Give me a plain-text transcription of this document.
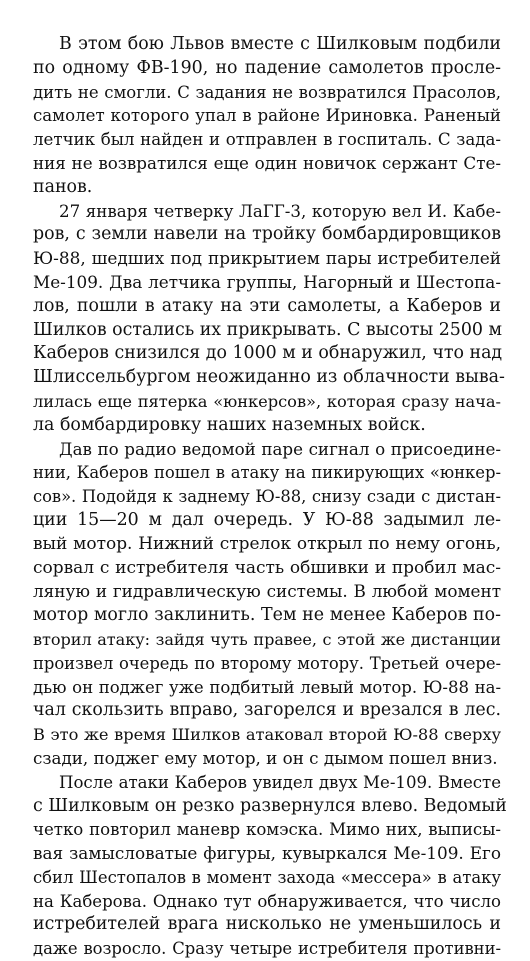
В этом бою Львов вместе с Шилковым подбили
по одному ФВ-190, но падение самолетов просле-
дить не смогли. С задания не возвратился Прасолов,
самолет которого упал в районе Ириновка. Раненый
летчик был найден и отправлен в госпиталь. С зада-
ния не возвратился еще один новичок сержант Сте-
панов.
27 января четверку ЛаГГ-3, которую вел И. Кабе-
ров, с земли навели на тройку бомбардировщиков
Ю-88, шедших под прикрытием пары истребителей
Ме-109. Два летчика группы, Нагорный и Шестопа-
лов, пошли в атаку на эти самолеты, а Каберов и
Шилков остались их прикрывать. С высоты 2500 м
Каберов снизился до 1000 м и обнаружил, что над
Шлиссельбургом неожиданно из облачности выва-
лилась еще пятерка «юнкерсов», которая сразу нача-
ла бомбардировку наших наземных войск.
Дав по радио ведомой паре сигнал о присоедине-
нии, Каберов пошел в атаку на пикирующих «юнкер-
сов». Подойдя к заднему Ю-88, снизу сзади с дистан-
ции 15—20 м дал очередь. У Ю-88 задымил ле-
вый мотор. Нижний стрелок открыл по нему огонь,
сорвал с истребителя часть обшивки и пробил мас-
ляную и гидравлическую системы. В любой момент
мотор могло заклинить. Тем не менее Каберов по-
вторил атаку: зайдя чуть правее, с этой же дистанции
произвел очередь по второму мотору. Третьей очере-
дью он поджег уже подбитый левый мотор. Ю-88 на-
чал скользить вправо, загорелся и врезался в лес.
В это же время Шилков атаковал второй Ю-88 сверху
сзади, поджег ему мотор, и он с дымом пошел вниз.
После атаки Каберов увидел двух Ме-109. Вместе
с Шилковым он резко развернулся влево. Ведомый
четко повторил маневр комэска. Мимо них, выписы-
вая замысловатые фигуры, кувыркался Ме-109. Его
сбил Шестопалов в момент захода «мессера» в атаку
на Каберова. Однако тут обнаруживается, что число
истребителей врага нисколько не уменьшилось и
даже возросло. Сразу четыре истребителя противни-
